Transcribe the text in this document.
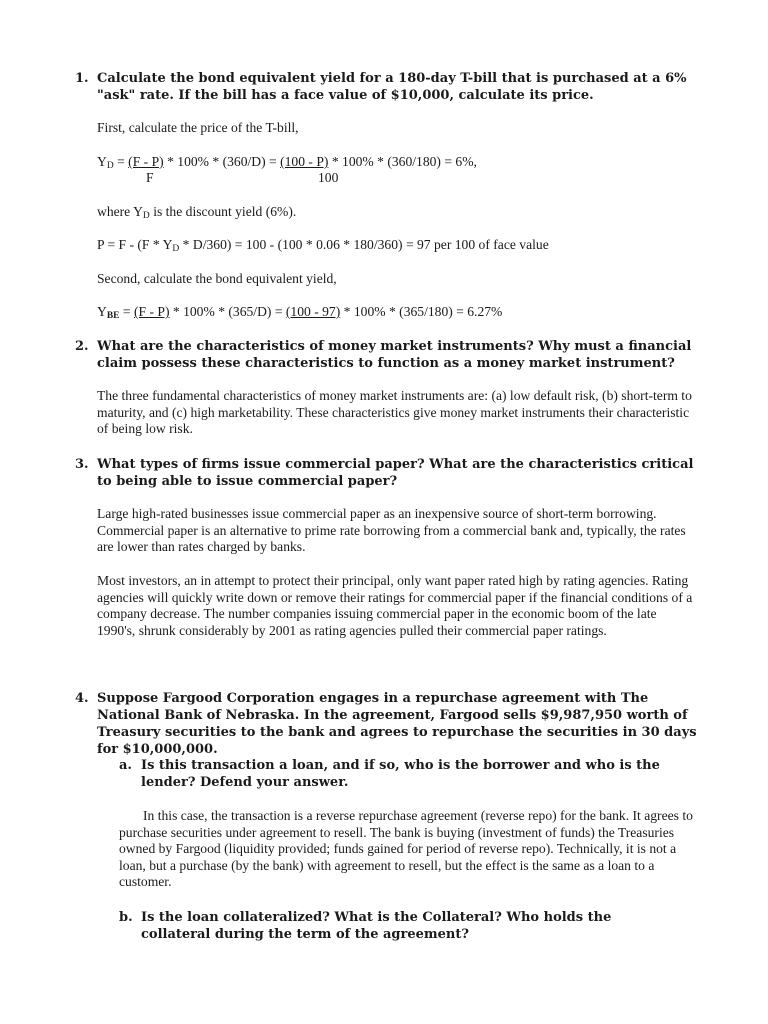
1. Calculate the bond equivalent yield for a 180-day T-bill that is purchased at a 6% "ask" rate. If the bill has a face value of $10,000, calculate its price.
First, calculate the price of the T-bill,
YD = (F - P) * 100% * (360/D) = (100 - P) * 100% * (360/180) = 6%,
F	100
where YD is the discount yield (6%).
P = F - (F * YD * D/360) = 100 - (100 * 0.06 * 180/360) = 97 per 100 of face value
Second, calculate the bond equivalent yield,
YBE = (F - P) * 100% * (365/D) = (100 - 97) * 100% * (365/180) = 6.27%
2. What are the characteristics of money market instruments? Why must a financial claim possess these characteristics to function as a money market instrument?
The three fundamental characteristics of money market instruments are: (a) low default risk, (b) short-term to maturity, and (c) high marketability. These characteristics give money market instruments their characteristic of being low risk.
3. What types of firms issue commercial paper? What are the characteristics critical to being able to issue commercial paper?
Large high-rated businesses issue commercial paper as an inexpensive source of short-term borrowing. Commercial paper is an alternative to prime rate borrowing from a commercial bank and, typically, the rates are lower than rates charged by banks.
Most investors, an in attempt to protect their principal, only want paper rated high by rating agencies. Rating agencies will quickly write down or remove their ratings for commercial paper if the financial conditions of a company decrease. The number companies issuing commercial paper in the economic boom of the late 1990's, shrunk considerably by 2001 as rating agencies pulled their commercial paper ratings.
4. Suppose Fargood Corporation engages in a repurchase agreement with The National Bank of Nebraska. In the agreement, Fargood sells $9,987,950 worth of Treasury securities to the bank and agrees to repurchase the securities in 30 days for $10,000,000.
a. Is this transaction a loan, and if so, who is the borrower and who is the lender? Defend your answer.
In this case, the transaction is a reverse repurchase agreement (reverse repo) for the bank. It agrees to purchase securities under agreement to resell. The bank is buying (investment of funds) the Treasuries owned by Fargood (liquidity provided; funds gained for period of reverse repo). Technically, it is not a loan, but a purchase (by the bank) with agreement to resell, but the effect is the same as a loan to a customer.
b. Is the loan collateralized? What is the Collateral? Who holds the collateral during the term of the agreement?
